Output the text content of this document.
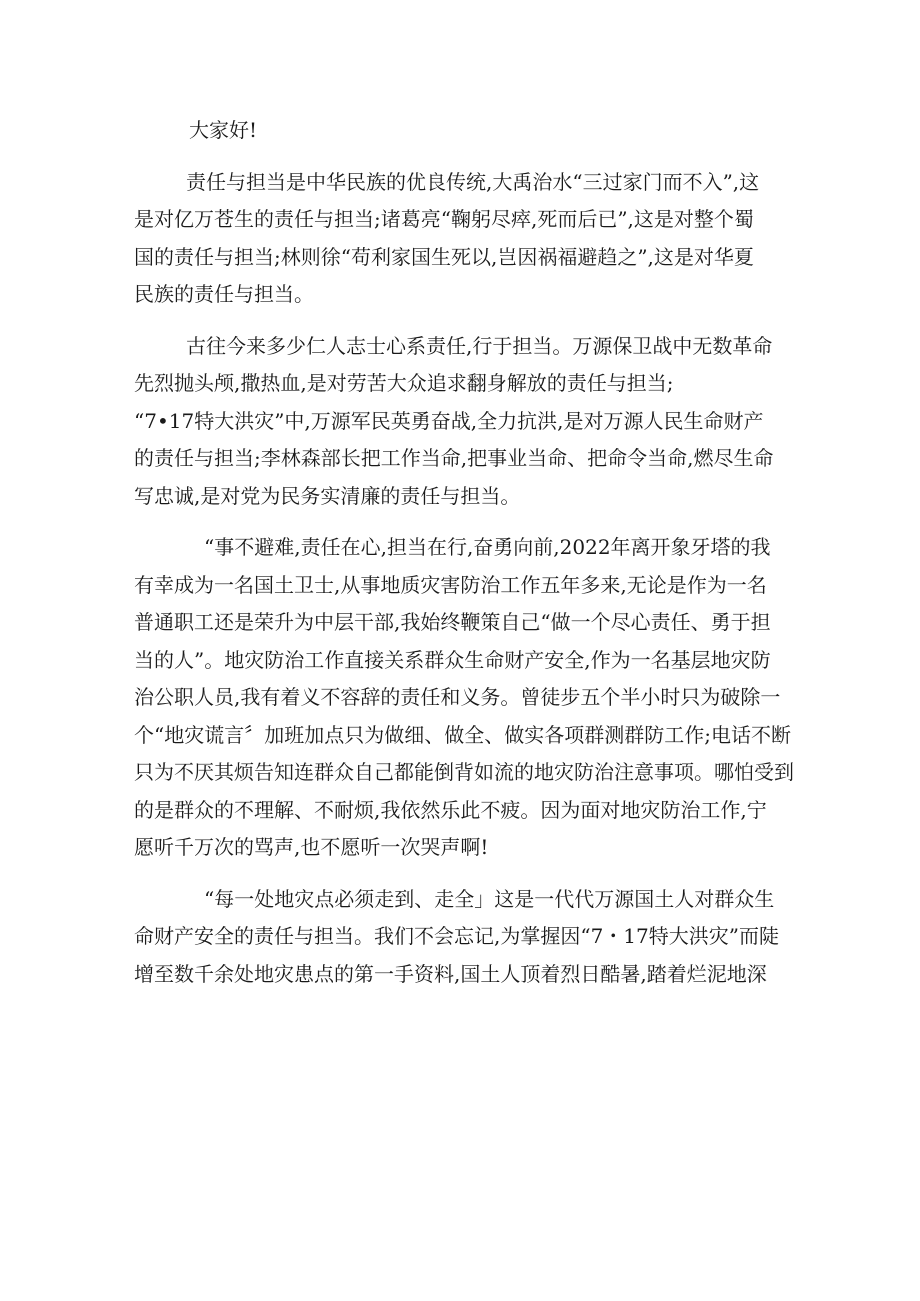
大家好!

责任与担当是中华民族的优良传统,大禹治水“三过家门而不入”,这
是对亿万苍生的责任与担当;诸葛亮“鞠躬尽瘁,死而后已”,这是对整个蜀
国的责任与担当;林则徐“苟利家国生死以,岂因祸福避趋之”,这是对华夏
民族的责任与担当。

古往今来多少仁人志士心系责任,行于担当。万源保卫战中无数革命
先烈抛头颅,撒热血,是对劳苦大众追求翻身解放的责任与担当;
“7•17特大洪灾”中,万源军民英勇奋战,全力抗洪,是对万源人民生命财产
的责任与担当;李林森部长把工作当命,把事业当命、把命令当命,燃尽生命
写忠诚,是对党为民务实清廉的责任与担当。

“事不避难,责任在心,担当在行,奋勇向前,2022年离开象牙塔的我
有幸成为一名国土卫士,从事地质灾害防治工作五年多来,无论是作为一名
普通职工还是荣升为中层干部,我始终鞭策自己“做一个尽心责任、勇于担
当的人”。地灾防治工作直接关系群众生命财产安全,作为一名基层地灾防
治公职人员,我有着义不容辞的责任和义务。曾徒步五个半小时只为破除一
个“地灾谎言〞加班加点只为做细、做全、做实各项群测群防工作;电话不断
只为不厌其烦告知连群众自己都能倒背如流的地灾防治注意事项。哪怕受到
的是群众的不理解、不耐烦,我依然乐此不疲。因为面对地灾防治工作,宁
愿听千万次的骂声,也不愿听一次哭声啊!

“每一处地灾点必须走到、走全」这是一代代万源国土人对群众生
命财产安全的责任与担当。我们不会忘记,为掌握因“7・17特大洪灾”而陡
增至数千余处地灾患点的第一手资料,国土人顶着烈日酷暑,踏着烂泥地深
